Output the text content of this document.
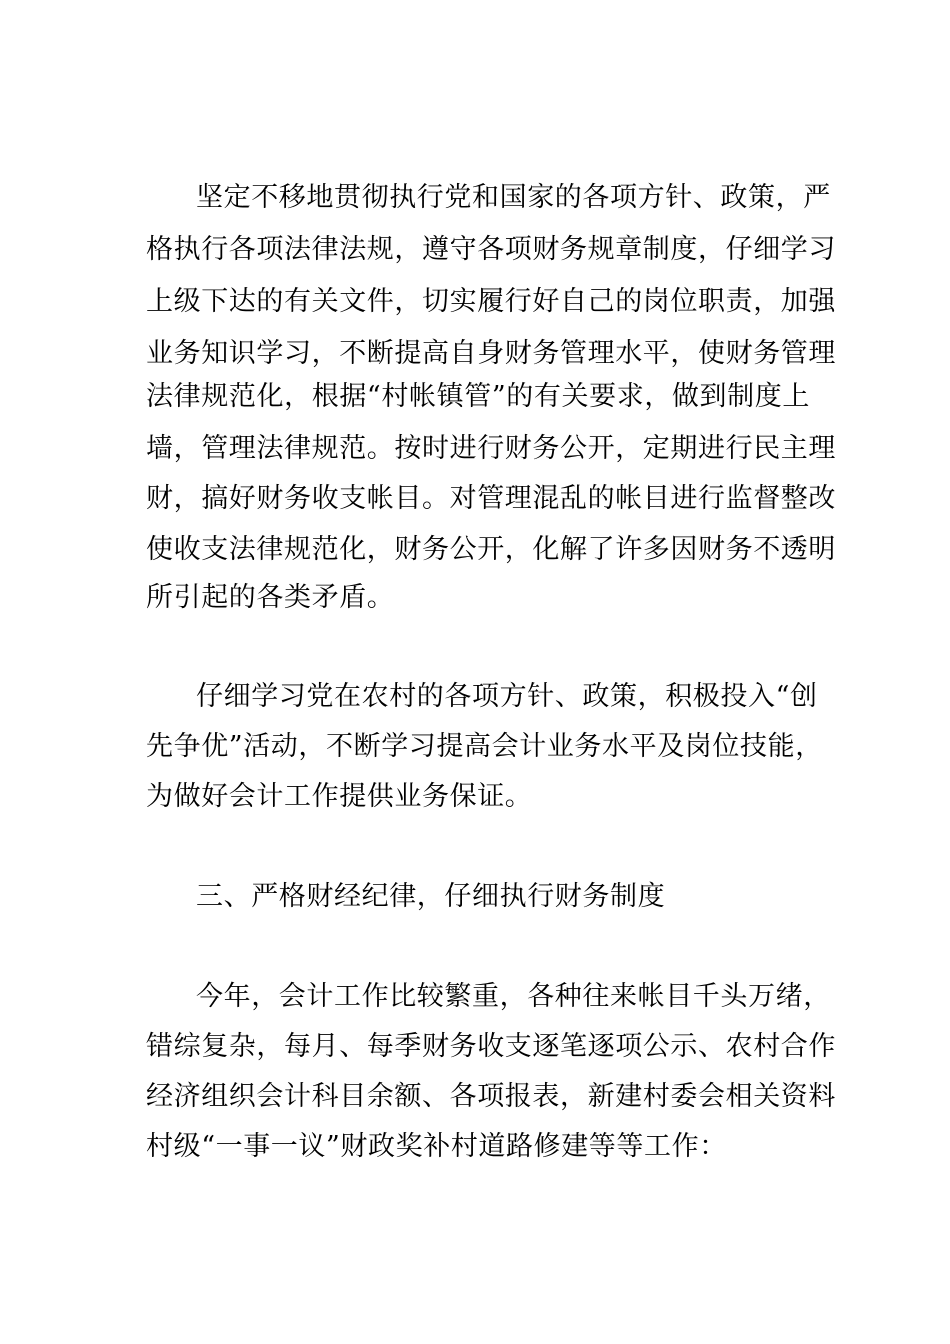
坚定不移地贯彻执行党和国家的各项方针、政策，严
格执行各项法律法规，遵守各项财务规章制度，仔细学习
上级下达的有关文件，切实履行好自己的岗位职责，加强
业务知识学习，不断提高自身财务管理水平，使财务管理
法律规范化，根据“村帐镇管”的有关要求，做到制度上
墙，管理法律规范。按时进行财务公开，定期进行民主理
财，搞好财务收支帐目。对管理混乱的帐目进行监督整改
使收支法律规范化，财务公开，化解了许多因财务不透明
所引起的各类矛盾。
仔细学习党在农村的各项方针、政策，积极投入“创
先争优”活动，不断学习提高会计业务水平及岗位技能，
为做好会计工作提供业务保证。
三、严格财经纪律，仔细执行财务制度
今年，会计工作比较繁重，各种往来帐目千头万绪，
错综复杂，每月、每季财务收支逐笔逐项公示、农村合作
经济组织会计科目余额、各项报表，新建村委会相关资料
村级“一事一议”财政奖补村道路修建等等工作：
